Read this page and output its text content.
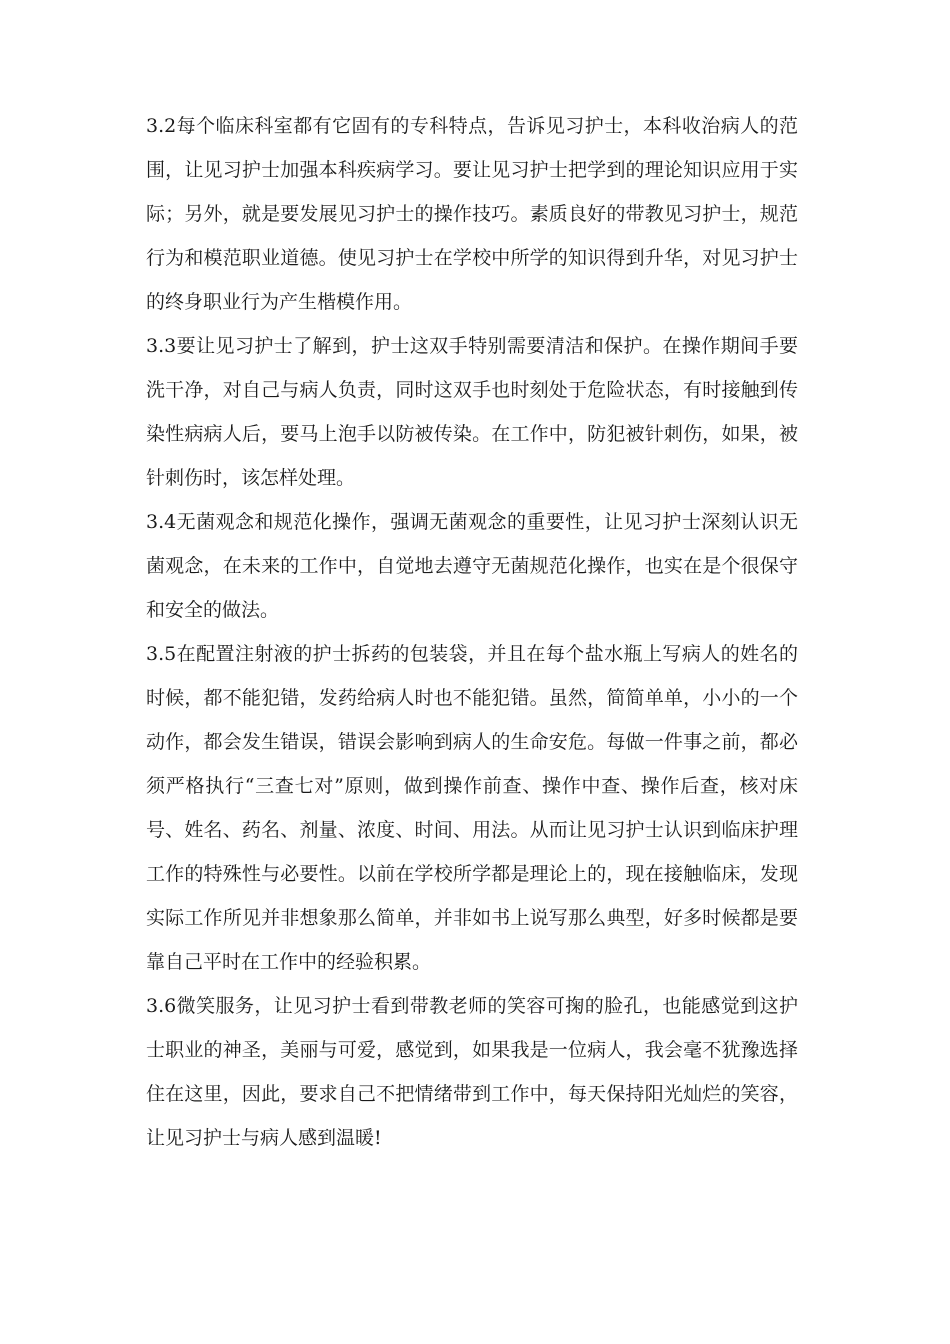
3.2每个临床科室都有它固有的专科特点，告诉见习护士，本科收治病人的范
围，让见习护士加强本科疾病学习。要让见习护士把学到的理论知识应用于实
际；另外，就是要发展见习护士的操作技巧。素质良好的带教见习护士，规范
行为和模范职业道德。使见习护士在学校中所学的知识得到升华，对见习护士
的终身职业行为产生楷模作用。
3.3要让见习护士了解到，护士这双手特别需要清洁和保护。在操作期间手要
洗干净，对自己与病人负责，同时这双手也时刻处于危险状态，有时接触到传
染性病病人后，要马上泡手以防被传染。在工作中，防犯被针刺伤，如果，被
针刺伤时，该怎样处理。
3.4无菌观念和规范化操作，强调无菌观念的重要性，让见习护士深刻认识无
菌观念，在未来的工作中，自觉地去遵守无菌规范化操作，也实在是个很保守
和安全的做法。
3.5在配置注射液的护士拆药的包装袋，并且在每个盐水瓶上写病人的姓名的
时候，都不能犯错，发药给病人时也不能犯错。虽然，简简单单，小小的一个
动作，都会发生错误，错误会影响到病人的生命安危。每做一件事之前，都必
须严格执行“三查七对”原则，做到操作前查、操作中查、操作后查，核对床
号、姓名、药名、剂量、浓度、时间、用法。从而让见习护士认识到临床护理
工作的特殊性与必要性。以前在学校所学都是理论上的，现在接触临床，发现
实际工作所见并非想象那么简单，并非如书上说写那么典型，好多时候都是要
靠自己平时在工作中的经验积累。
3.6微笑服务，让见习护士看到带教老师的笑容可掬的脸孔，也能感觉到这护
士职业的神圣，美丽与可爱，感觉到，如果我是一位病人，我会毫不犹豫选择
住在这里，因此，要求自己不把情绪带到工作中，每天保持阳光灿烂的笑容，
让见习护士与病人感到温暖!
